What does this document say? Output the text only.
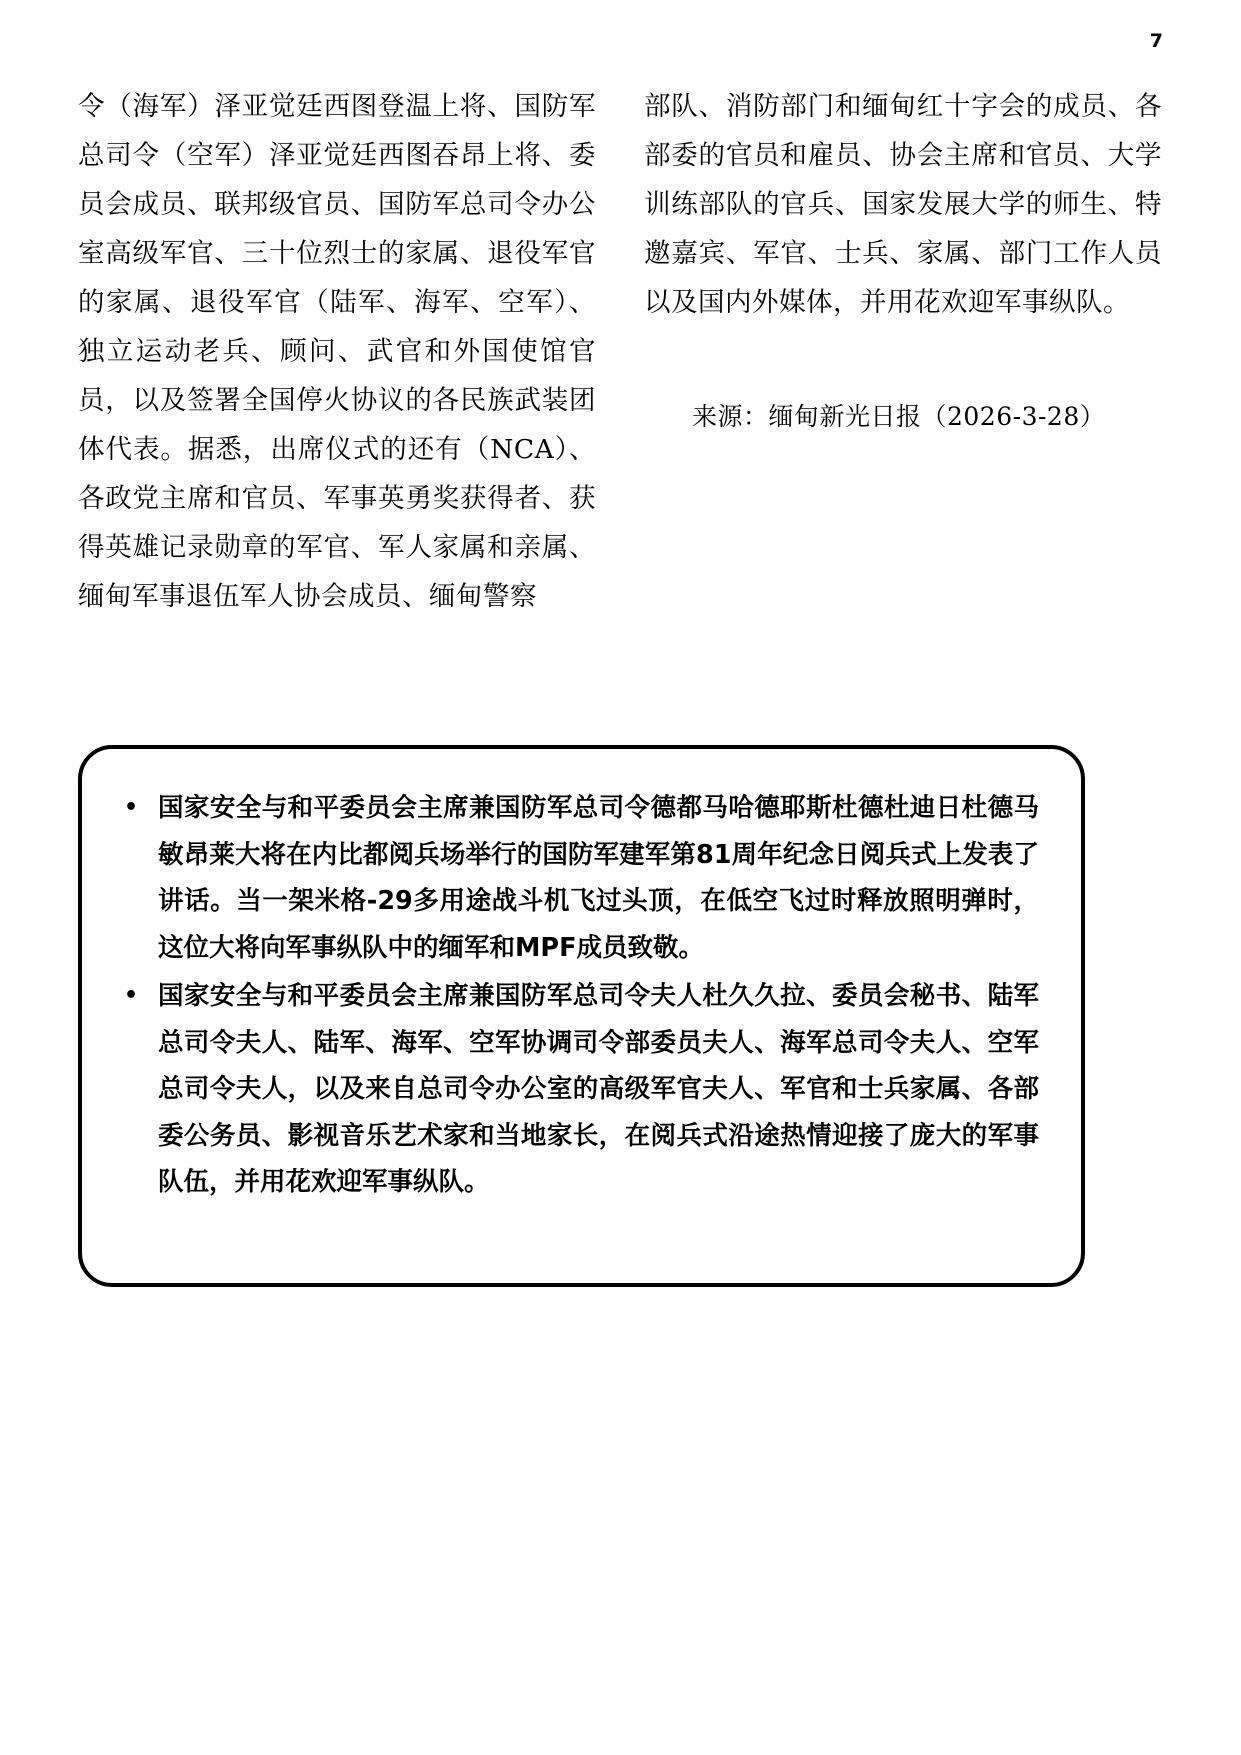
7

令（海军）泽亚觉廷西图登温上将、国防军总司令（空军）泽亚觉廷西图吞昂上将、委员会成员、联邦级官员、国防军总司令办公室高级军官、三十位烈士的家属、退役军官的家属、退役军官（陆军、海军、空军）、独立运动老兵、顾问、武官和外国使馆官员，以及签署全国停火协议的各民族武装团体代表。据悉，出席仪式的还有（NCA）、各政党主席和官员、军事英勇奖获得者、获得英雄记录勋章的军官、军人家属和亲属、缅甸军事退伍军人协会成员、缅甸警察

部队、消防部门和缅甸红十字会的成员、各部委的官员和雇员、协会主席和官员、大学训练部队的官兵、国家发展大学的师生、特邀嘉宾、军官、士兵、家属、部门工作人员以及国内外媒体，并用花欢迎军事纵队。

来源：缅甸新光日报（2026-3-28）

• 国家安全与和平委员会主席兼国防军总司令德都马哈德耶斯杜德杜迪日杜德马敏昂莱大将在内比都阅兵场举行的国防军建军第81周年纪念日阅兵式上发表了讲话。当一架米格-29多用途战斗机飞过头顶，在低空飞过时释放照明弹时，这位大将向军事纵队中的缅军和MPF成员致敬。
• 国家安全与和平委员会主席兼国防军总司令夫人杜久久拉、委员会秘书、陆军总司令夫人、陆军、海军、空军协调司令部委员夫人、海军总司令夫人、空军总司令夫人，以及来自总司令办公室的高级军官夫人、军官和士兵家属、各部委公务员、影视音乐艺术家和当地家长，在阅兵式沿途热情迎接了庞大的军事队伍，并用花欢迎军事纵队。
